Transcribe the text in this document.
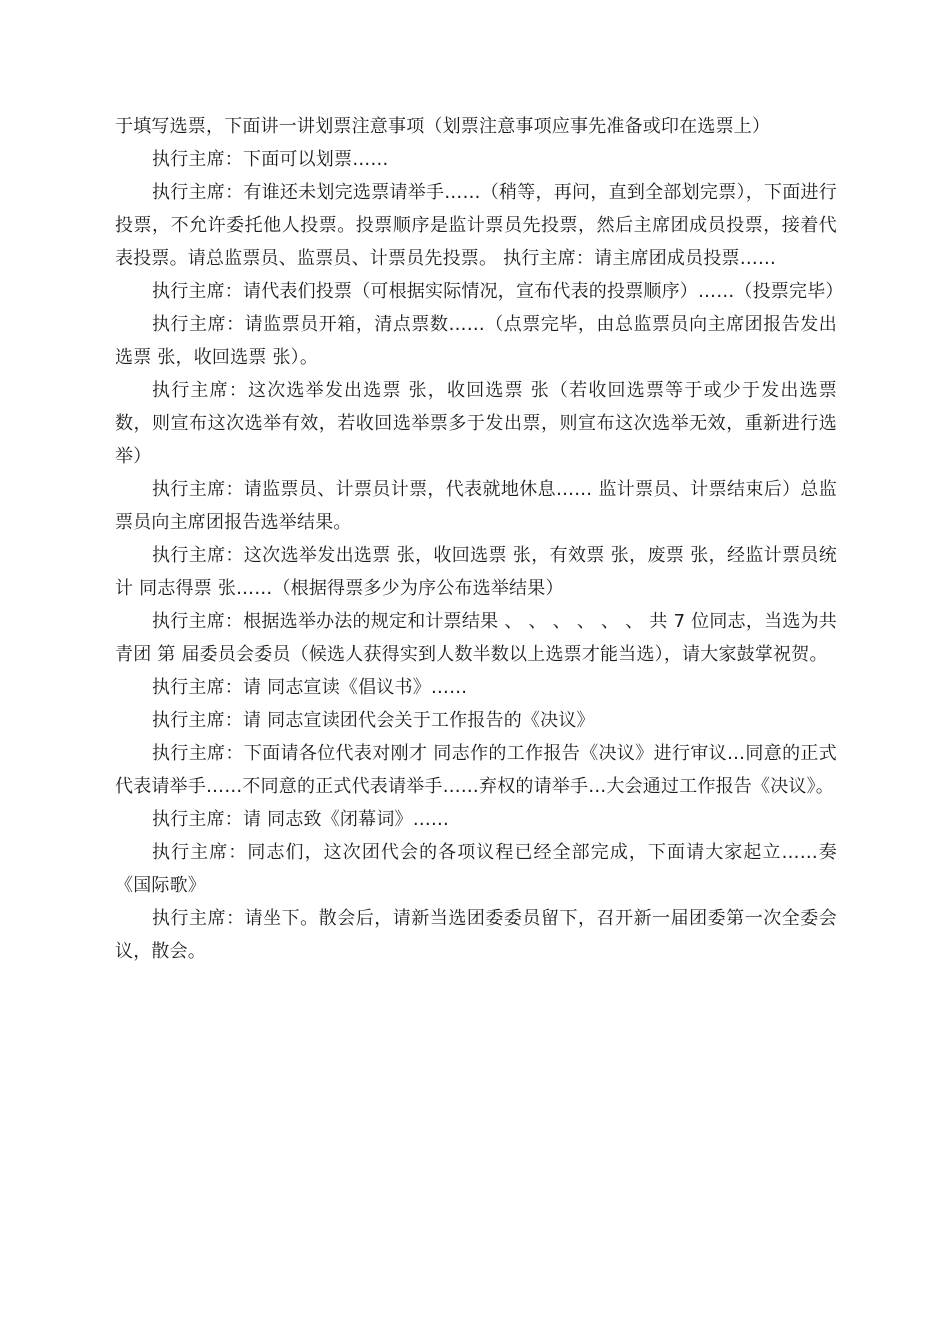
于填写选票，下面讲一讲划票注意事项（划票注意事项应事先准备或印在选票上）

执行主席：下面可以划票……

执行主席：有谁还未划完选票请举手……（稍等，再问，直到全部划完票），下面进行投票，不允许委托他人投票。投票顺序是监计票员先投票，然后主席团成员投票，接着代表投票。请总监票员、监票员、计票员先投票。 执行主席：请主席团成员投票……

执行主席：请代表们投票（可根据实际情况，宣布代表的投票顺序）……（投票完毕）

执行主席：请监票员开箱，清点票数……（点票完毕，由总监票员向主席团报告发出选票 张，收回选票 张）。

执行主席：这次选举发出选票 张，收回选票 张（若收回选票等于或少于发出选票数，则宣布这次选举有效，若收回选举票多于发出票，则宣布这次选举无效，重新进行选举）

执行主席：请监票员、计票员计票，代表就地休息…… 监计票员、计票结束后）总监票员向主席团报告选举结果。

执行主席：这次选举发出选票 张，收回选票 张，有效票 张，废票 张，经监计票员统计 同志得票 张……（根据得票多少为序公布选举结果）

执行主席：根据选举办法的规定和计票结果 、 、 、 、 、 、 共 7 位同志，当选为共青团 第 届委员会委员（候选人获得实到人数半数以上选票才能当选），请大家鼓掌祝贺。

执行主席：请 同志宣读《倡议书》……

执行主席：请 同志宣读团代会关于工作报告的《决议》

执行主席：下面请各位代表对刚才 同志作的工作报告《决议》进行审议…同意的正式代表请举手……不同意的正式代表请举手……弃权的请举手…大会通过工作报告《决议》。

执行主席：请 同志致《闭幕词》……

执行主席：同志们，这次团代会的各项议程已经全部完成，下面请大家起立……奏《国际歌》

执行主席：请坐下。散会后，请新当选团委委员留下，召开新一届团委第一次全委会议，散会。
